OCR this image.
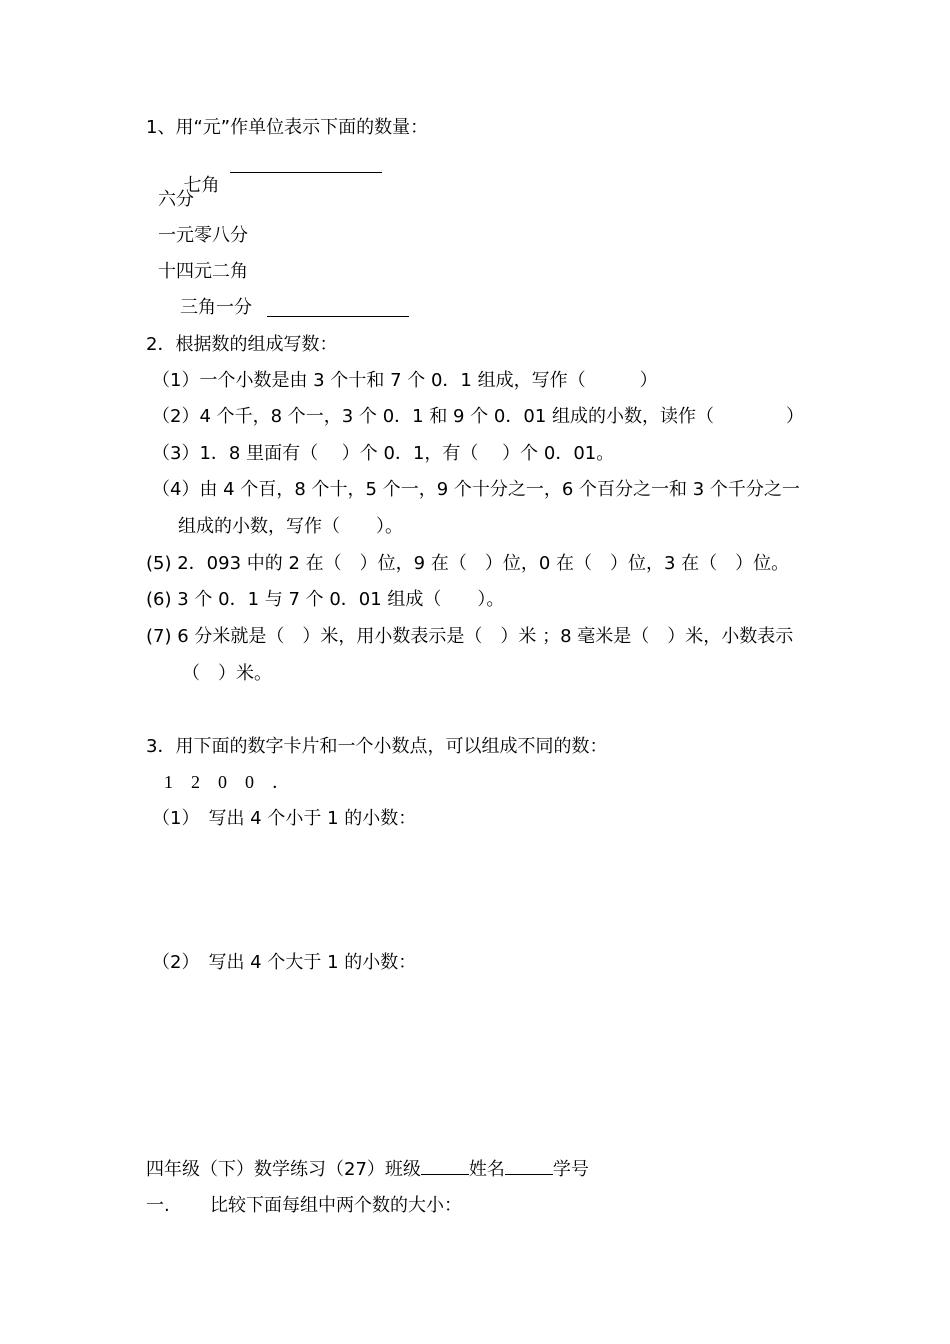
1、用“元”作单位表示下面的数量：

七角

六分
一元零八分
十四元二角
三角一分
2．根据数的组成写数：
（1）一个小数是由 3 个十和 7 个 0．1 组成，写作（　　　）
（2）4 个千，8 个一，3 个 0．1 和 9 个 0．01 组成的小数，读作（　　　　）
（3）1．8 里面有（　 ）个 0．1，有（　 ）个 0．01。
（4）由 4 个百，8 个十，5 个一，9 个十分之一，6 个百分之一和 3 个千分之一
组成的小数，写作（　　）。
(5) 2．093 中的 2 在（　）位，9 在（　）位，0 在（　）位，3 在（　）位。
(6) 3 个 0．1 与 7 个 0．01 组成（　　）。
(7) 6 分米就是（　）米，用小数表示是（　）米 ；8 毫米是（　）米，小数表示
（　）米。
3．用下面的数字卡片和一个小数点，可以组成不同的数：
1　2　0　0　．
（1）　写出 4 个小于 1 的小数：
（2）　写出 4 个大于 1 的小数：
四年级（下）数学练习（27）班级	姓名	学号
一. 比较下面每组中两个数的大小：
